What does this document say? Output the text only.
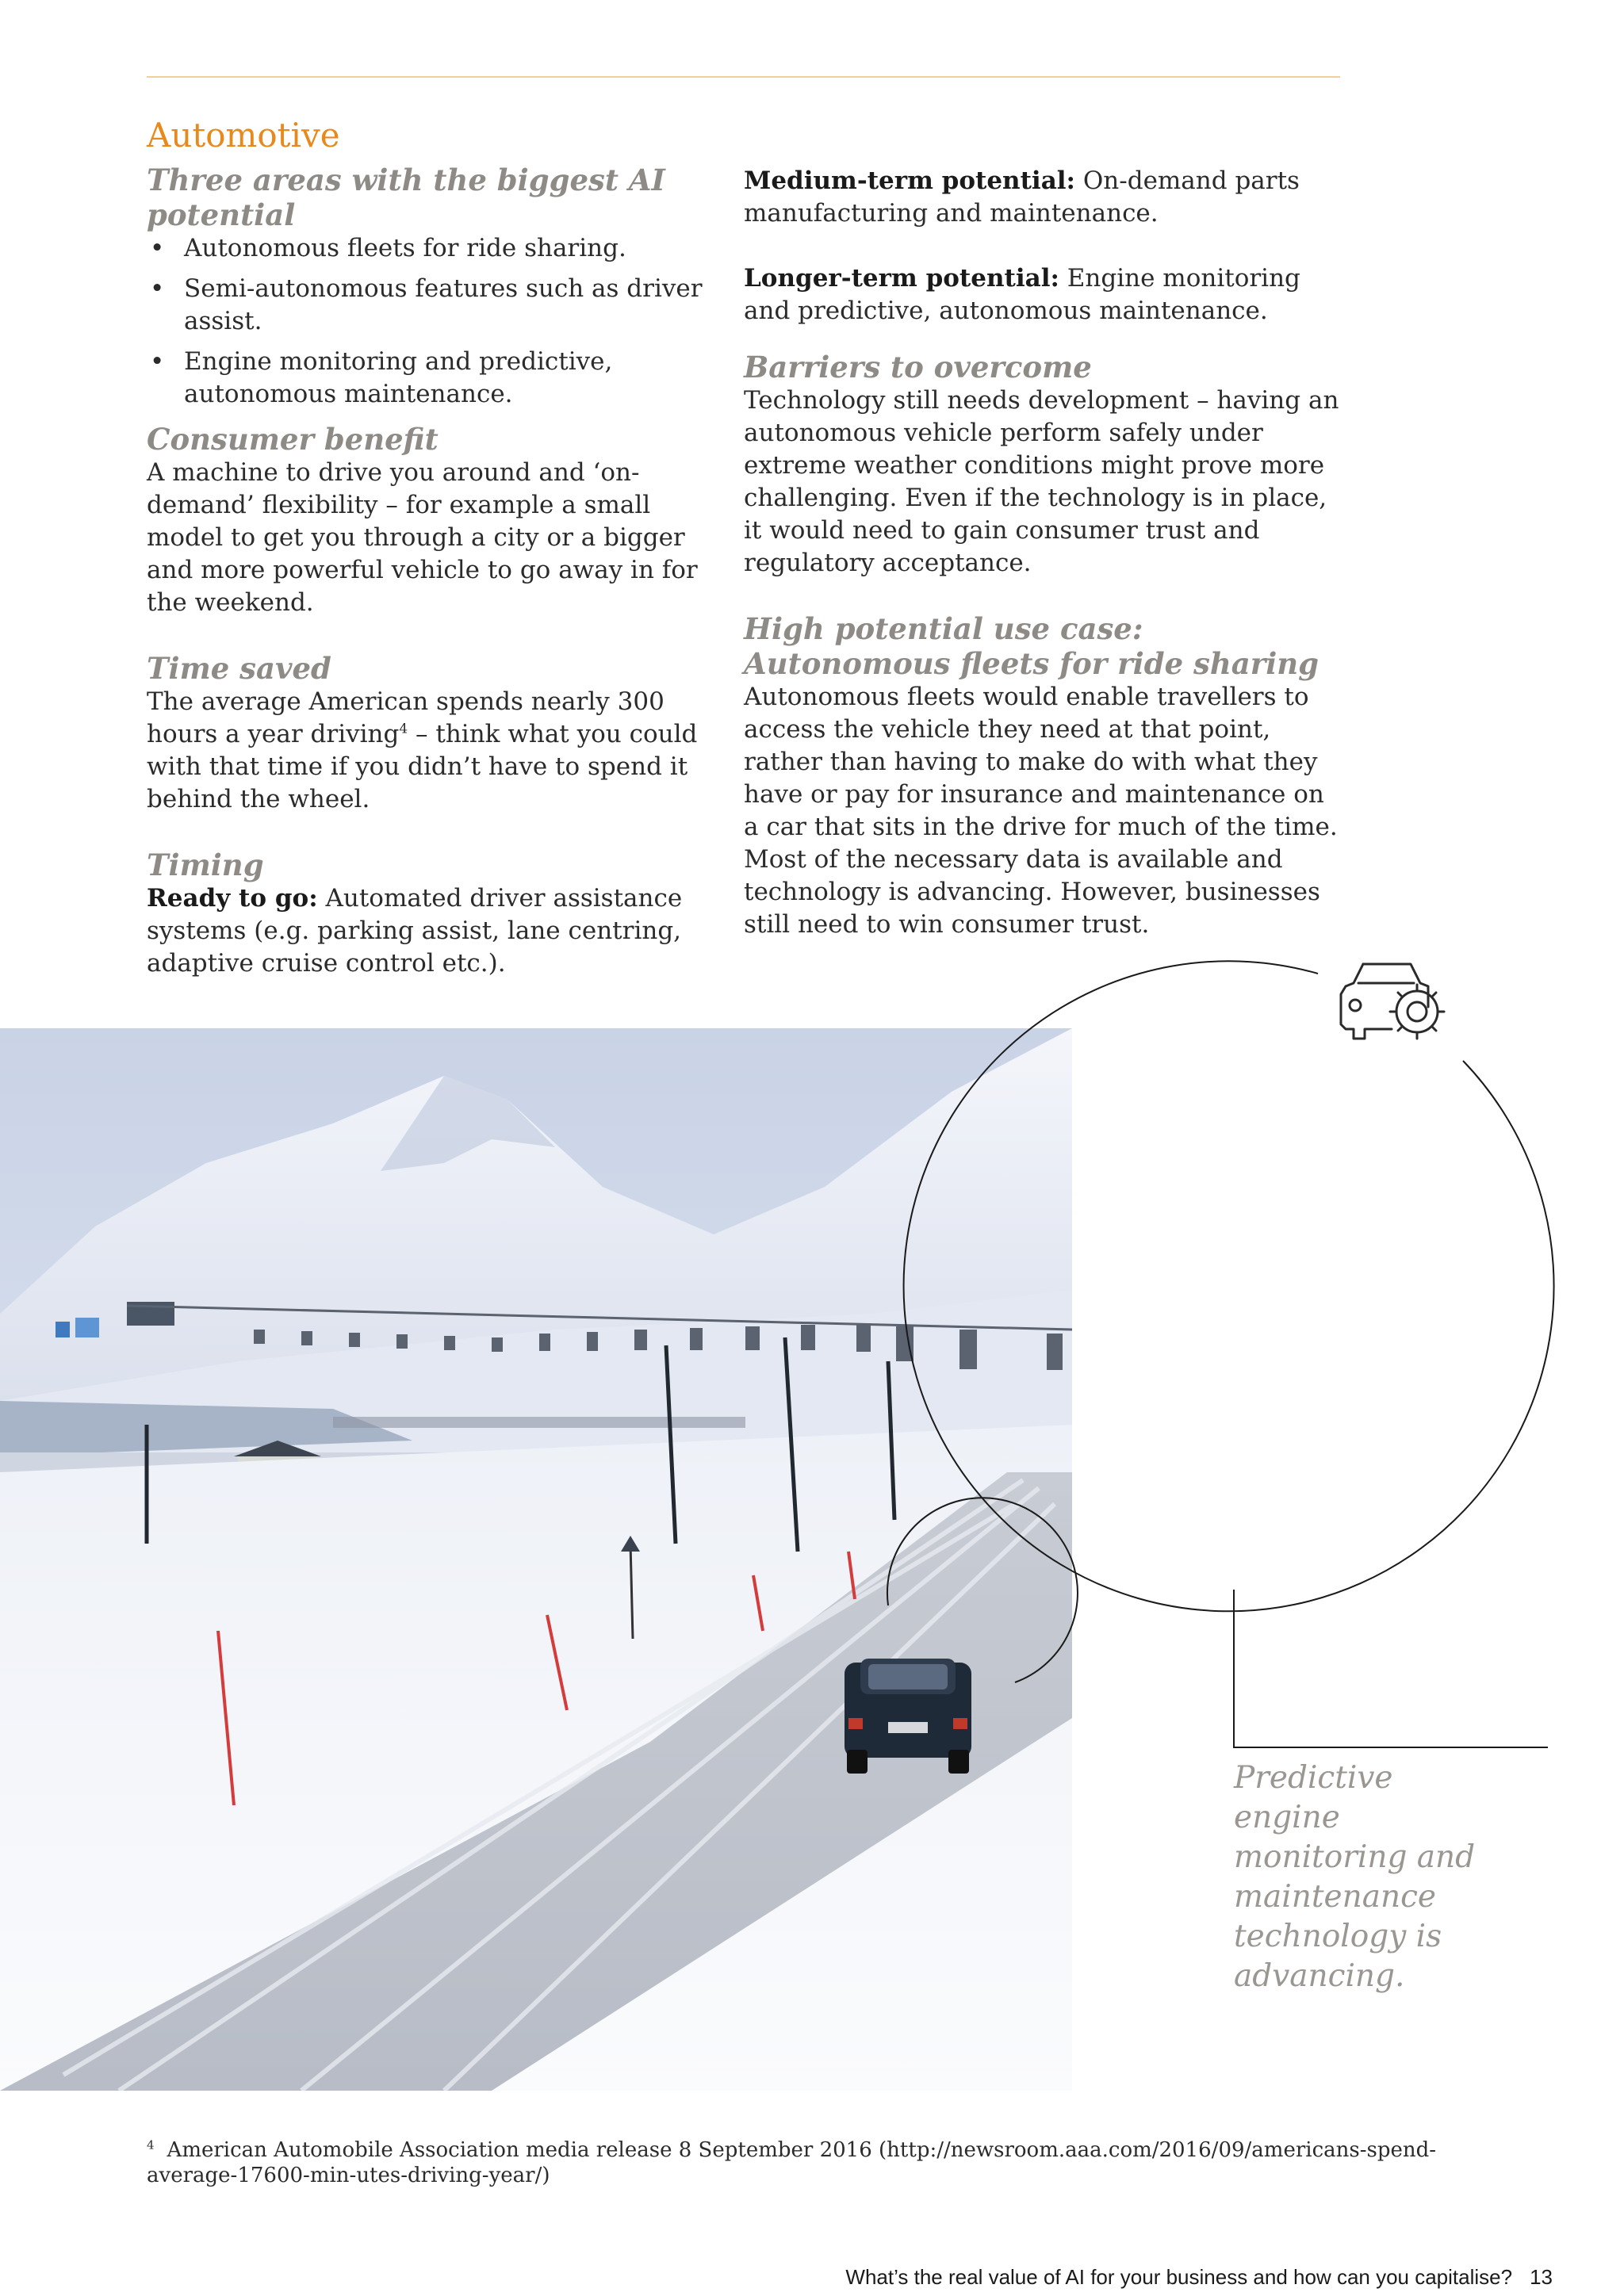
Automotive
Three areas with the biggest AI potential
• Autonomous fleets for ride sharing.
• Semi-autonomous features such as driver assist.
• Engine monitoring and predictive, autonomous maintenance.
Consumer benefit

A machine to drive you around and ‘on-demand’ flexibility – for example a small model to get you through a city or a bigger and more powerful vehicle to go away in for the weekend.

Time saved

The average American spends nearly 300 hours a year driving$^4$ – think what you could with that time if you didn’t have to spend it behind the wheel.

Timing

Ready to go: Automated driver assistance systems (e.g. parking assist, lane centring, adaptive cruise control etc.).

Medium-term potential: On-demand parts manufacturing and maintenance.

Longer-term potential: Engine monitoring and predictive, autonomous maintenance.

Barriers to overcome

Technology still needs development – having an autonomous vehicle perform safely under extreme weather conditions might prove more challenging. Even if the technology is in place, it would need to gain consumer trust and regulatory acceptance.

High potential use case: Autonomous fleets for ride sharing

Autonomous fleets would enable travellers to access the vehicle they need at that point, rather than having to make do with what they have or pay for insurance and maintenance on a car that sits in the drive for much of the time. Most of the necessary data is available and technology is advancing. However, businesses still need to win consumer trust.

Predictive engine monitoring and maintenance technology is advancing.

$^4$ American Automobile Association media release 8 September 2016 (http://newsroom.aaa.com/2016/09/americans-spend-average-17600-min-utes-driving-year/)
What’s the real value of AI for your business and how can you capitalise? 13
